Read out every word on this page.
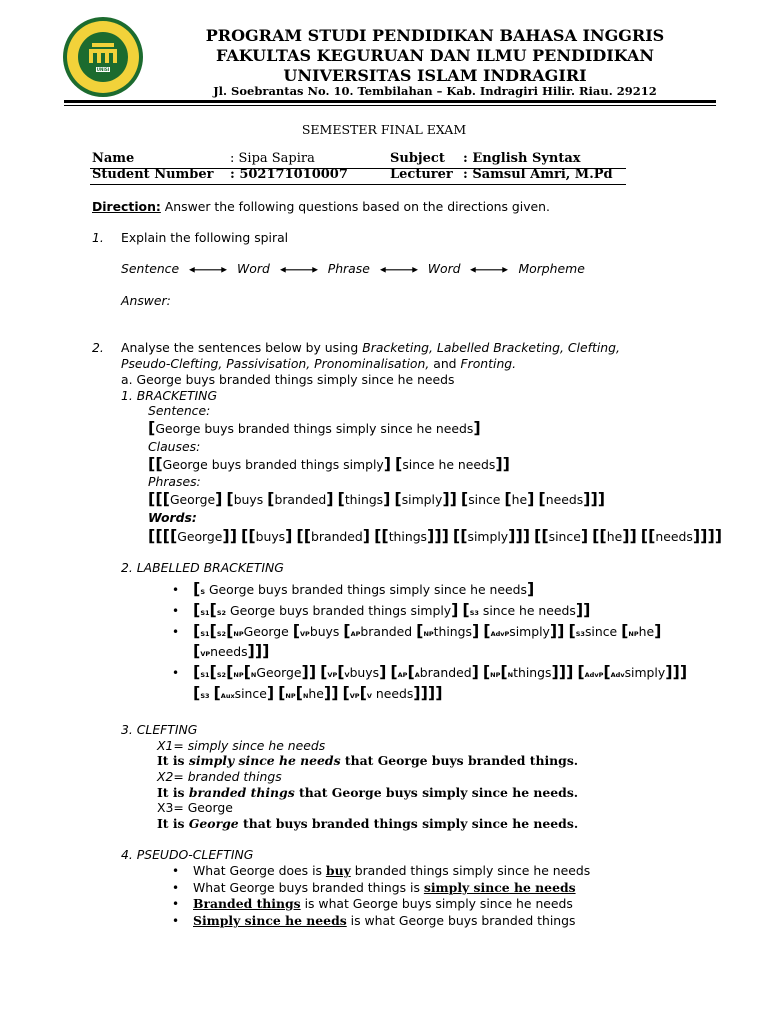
UNISI
PROGRAM STUDI PENDIDIKAN BAHASA INGGRIS
FAKULTAS KEGURUAN DAN ILMU PENDIDIKAN
UNIVERSITAS ISLAM INDRAGIRI
Jl. Soebrantas No. 10. Tembilahan – Kab. Indragiri Hilir. Riau. 29212
SEMESTER FINAL EXAM
Name	: Sipa Sapira	Subject : English Syntax
Student Number : 502171010007	Lecturer : Samsul Amri, M.Pd
Direction: Answer the following questions based on the directions given.
1. Explain the following spiral
Sentence	Word	Phrase	Word	Morpheme
Answer:
2. Analyse the sentences below by using Bracketing, Labelled Bracketing, Clefting,
Pseudo-Clefting, Passivisation, Pronominalisation, and Fronting.
a. George buys branded things simply since he needs
1. BRACKETING
Sentence:
[George buys branded things simply since he needs]
Clauses:
[[George buys branded things simply] [since he needs]]
Phrases:
[[[George] [buys [branded] [things] [simply]] [since [he] [needs]]]
Words:
[[[[George]] [[buys] [[branded] [[things]]] [[simply]]] [[since] [[he]] [[needs]]]]
2. LABELLED BRACKETING
• [S George buys branded things simply since he needs]
• [S1[S2 George buys branded things simply] [S3 since he needs]]
• [S1[S2[NPGeorge [VPbuys [APbranded [NPthings] [AdvPsimply]] [S3since [NPhe]
[VPneeds]]]
• [S1[S2[NP[NGeorge]] [VP[Vbuys] [AP[Abranded] [NP[Nthings]]] [AdvP[Advsimply]]]
[S3 [Auxsince] [NP[Nhe]] [VP[V needs]]]]
3. CLEFTING
X1= simply since he needs
It is simply since he needs that George buys branded things.
X2= branded things
It is branded things that George buys simply since he needs.
X3= George
It is George that buys branded things simply since he needs.
4. PSEUDO-CLEFTING
• What George does is buy branded things simply since he needs
• What George buys branded things is simply since he needs
• Branded things is what George buys simply since he needs
• Simply since he needs is what George buys branded things
